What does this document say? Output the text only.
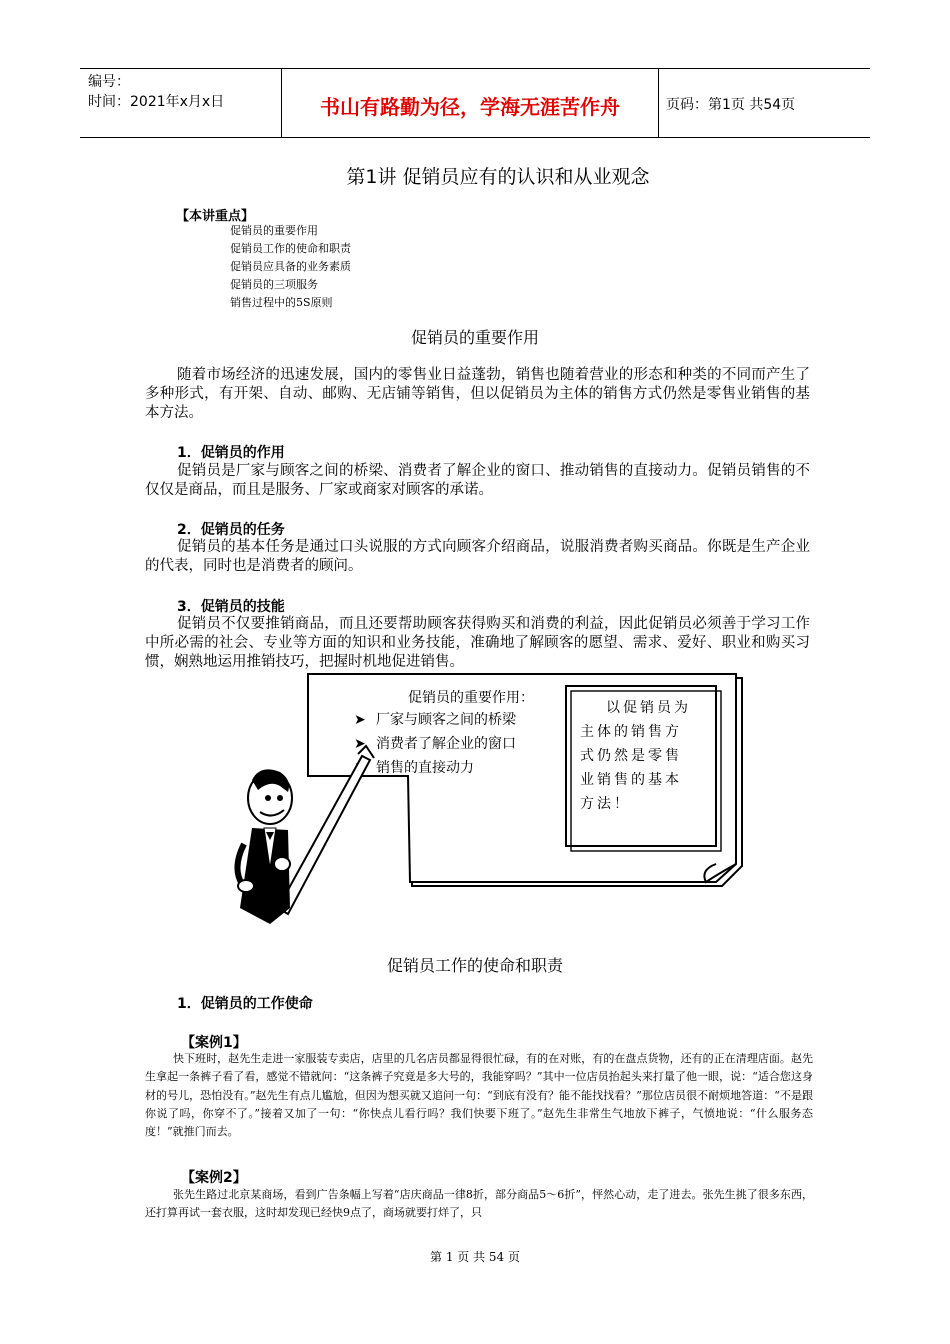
编号：
时间：2021年x月x日	书山有路勤为径，学海无涯苦作舟	页码：第1页 共54页
第1讲 促销员应有的认识和从业观念
【本讲重点】
促销员的重要作用
促销员工作的使命和职责
促销员应具备的业务素质
促销员的三项服务
销售过程中的5S原则
促销员的重要作用
随着市场经济的迅速发展，国内的零售业日益蓬勃，销售也随着营业的形态和种类的不同而产生了多种形式，有开架、自动、邮购、无店铺等销售，但以促销员为主体的销售方式仍然是零售业销售的基本方法。
1．促销员的作用
促销员是厂家与顾客之间的桥梁、消费者了解企业的窗口、推动销售的直接动力。促销员销售的不仅仅是商品，而且是服务、厂家或商家对顾客的承诺。
2．促销员的任务
促销员的基本任务是通过口头说服的方式向顾客介绍商品，说服消费者购买商品。你既是生产企业的代表，同时也是消费者的顾问。
3．促销员的技能
促销员不仅要推销商品，而且还要帮助顾客获得购买和消费的利益，因此促销员必须善于学习工作中所必需的社会、专业等方面的知识和业务技能，准确地了解顾客的愿望、需求、爱好、职业和购买习惯，娴熟地运用推销技巧，把握时机地促进销售。
促销员的重要作用：
➤ 厂家与顾客之间的桥梁
➤ 消费者了解企业的窗口
销售的直接动力
以促销员为
主体的销售方
式仍然是零售
业销售的基本
方法！
促销员工作的使命和职责
1．促销员的工作使命
【案例1】
快下班时，赵先生走进一家服装专卖店，店里的几名店员都显得很忙碌，有的在对账，有的在盘点货物，还有的正在清理店面。赵先生拿起一条裤子看了看，感觉不错就问：“这条裤子究竟是多大号的，我能穿吗？”其中一位店员抬起头来打量了他一眼，说：“适合您这身材的号儿，恐怕没有。”赵先生有点儿尴尬，但因为想买就又追问一句：“到底有没有？能不能找找看？”那位店员很不耐烦地答道：“不是跟你说了吗，你穿不了。”接着又加了一句：“你快点儿看行吗？我们快要下班了。”赵先生非常生气地放下裤子，气愤地说：“什么服务态度！”就推门而去。
【案例2】
张先生路过北京某商场，看到广告条幅上写着“店庆商品一律8折，部分商品5～6折”，怦然心动，走了进去。张先生挑了很多东西，还打算再试一套衣服，这时却发现已经快9点了，商场就要打烊了，只
第 1 页 共 54 页
